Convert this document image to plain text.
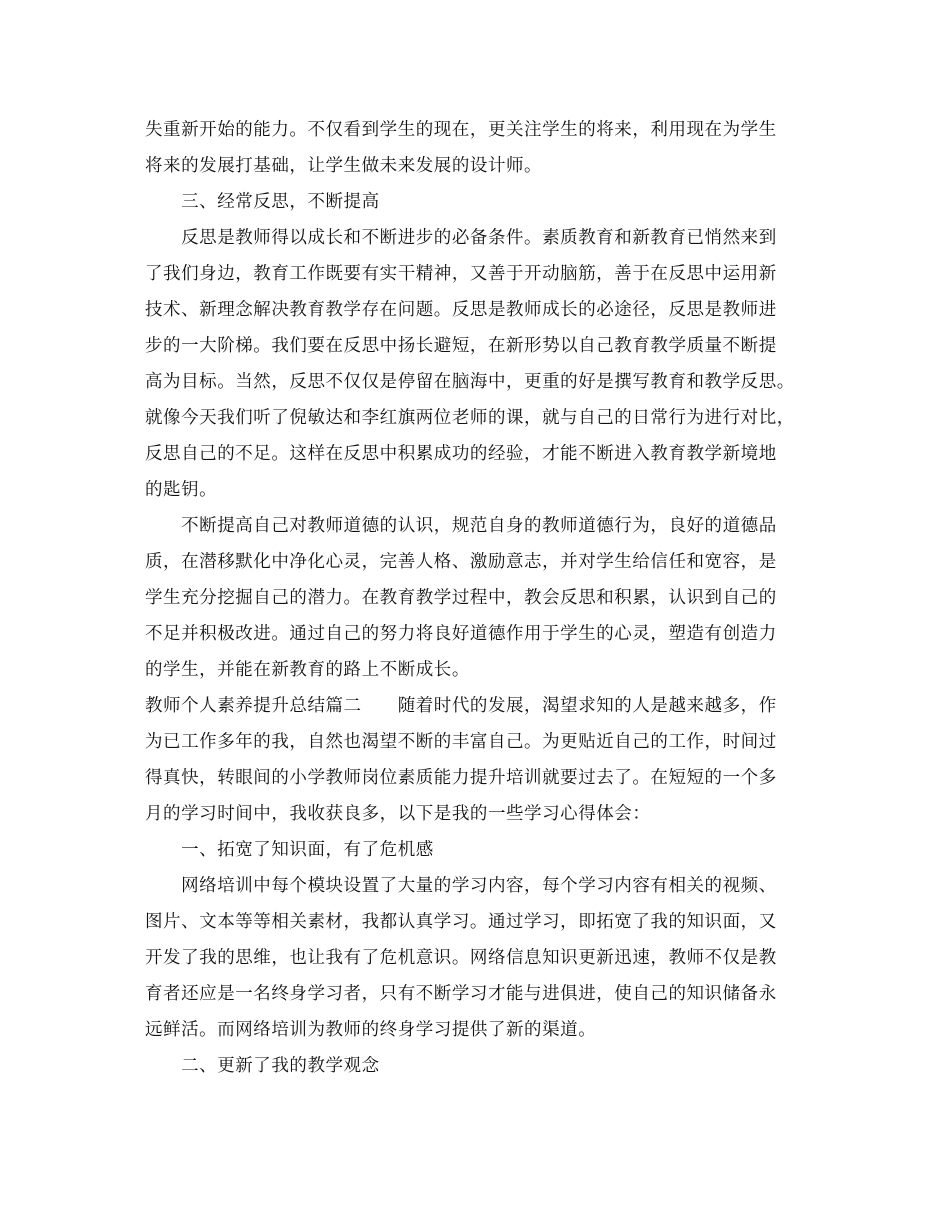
失重新开始的能力。不仅看到学生的现在，更关注学生的将来，利用现在为学生
将来的发展打基础，让学生做未来发展的设计师。
　　三、经常反思，不断提高
　　反思是教师得以成长和不断进步的必备条件。素质教育和新教育已悄然来到
了我们身边，教育工作既要有实干精神，又善于开动脑筋，善于在反思中运用新
技术、新理念解决教育教学存在问题。反思是教师成长的必途径，反思是教师进
步的一大阶梯。我们要在反思中扬长避短，在新形势以自己教育教学质量不断提
高为目标。当然，反思不仅仅是停留在脑海中，更重的好是撰写教育和教学反思。
就像今天我们听了倪敏达和李红旗两位老师的课，就与自己的日常行为进行对比，
反思自己的不足。这样在反思中积累成功的经验，才能不断进入教育教学新境地
的匙钥。
　　不断提高自己对教师道德的认识，规范自身的教师道德行为，良好的道德品
质，在潜移默化中净化心灵，完善人格、激励意志，并对学生给信任和宽容，是
学生充分挖掘自己的潜力。在教育教学过程中，教会反思和积累，认识到自己的
不足并积极改进。通过自己的努力将良好道德作用于学生的心灵，塑造有创造力
的学生，并能在新教育的路上不断成长。
教师个人素养提升总结篇二　　随着时代的发展，渴望求知的人是越来越多，作
为已工作多年的我，自然也渴望不断的丰富自己。为更贴近自己的工作，时间过
得真快，转眼间的小学教师岗位素质能力提升培训就要过去了。在短短的一个多
月的学习时间中，我收获良多，以下是我的一些学习心得体会：
　　一、拓宽了知识面，有了危机感
　　网络培训中每个模块设置了大量的学习内容，每个学习内容有相关的视频、
图片、文本等等相关素材，我都认真学习。通过学习，即拓宽了我的知识面，又
开发了我的思维，也让我有了危机意识。网络信息知识更新迅速，教师不仅是教
育者还应是一名终身学习者，只有不断学习才能与进俱进，使自己的知识储备永
远鲜活。而网络培训为教师的终身学习提供了新的渠道。
　　二、更新了我的教学观念
